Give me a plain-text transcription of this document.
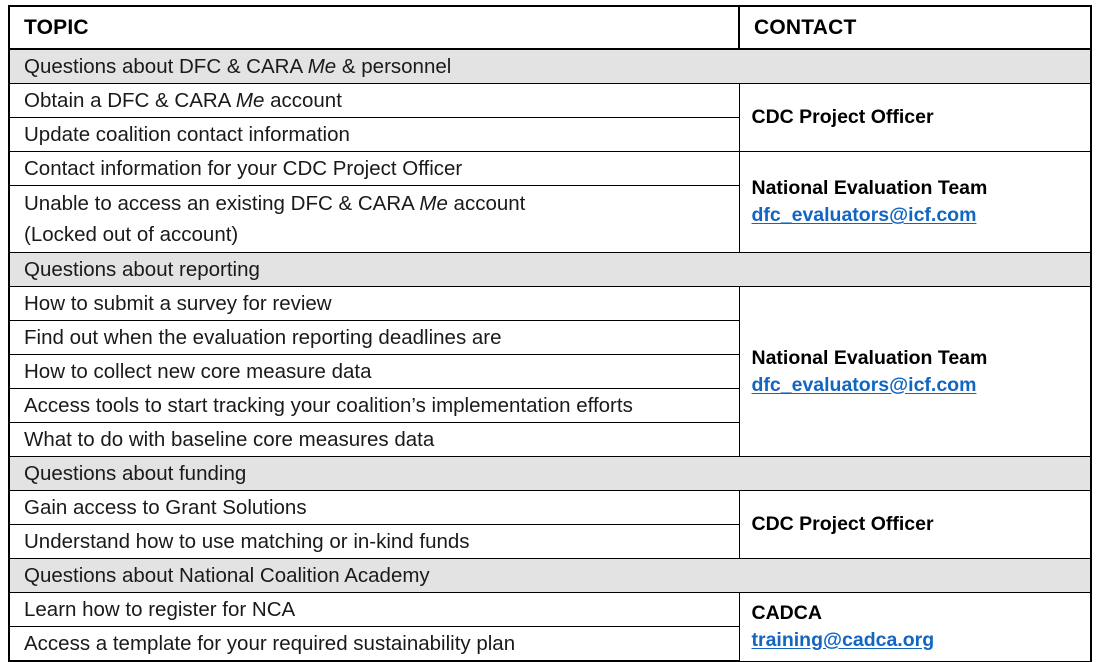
TOPIC	CONTACT
Questions about DFC & CARA Me & personnel	
Obtain a DFC & CARA Me account	CDC Project Officer

Update coalition contact information	
Contact information for your CDC Project Officer	National Evaluation Team
dfc_evaluators@icf.com

Unable to access an existing DFC & CARA Me account
(Locked out of account)	

Questions about reporting	
How to submit a survey for review	National Evaluation Team
dfc_evaluators@icf.com

Find out when the evaluation reporting deadlines are	
How to collect new core measure data	
Access tools to start tracking your coalition’s implementation efforts	
What to do with baseline core measures data	
Questions about funding	
Gain access to Grant Solutions	CDC Project Officer

Understand how to use matching or in-kind funds	
Questions about National Coalition Academy	
Learn how to register for NCA	CADCA
training@cadca.org

Access a template for your required sustainability plan	
